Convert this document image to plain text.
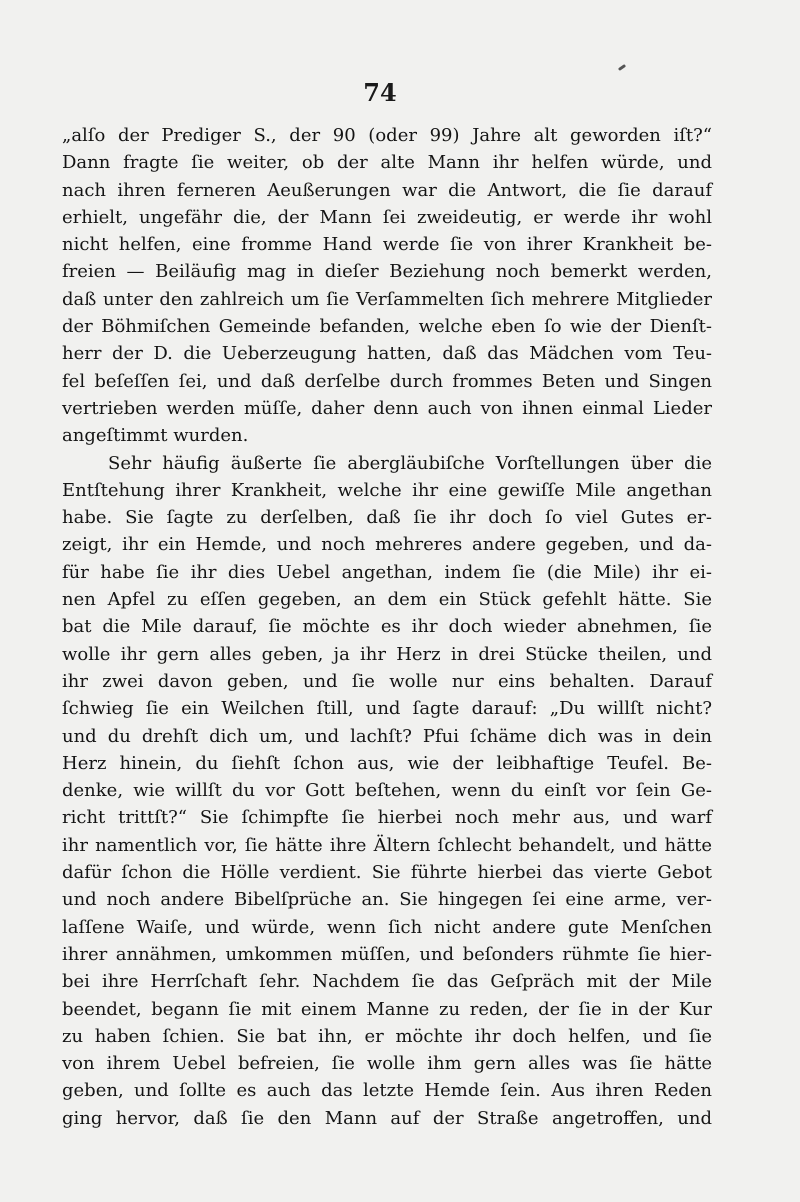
74
„alſo der Prediger S., der 90 (oder 99) Jahre alt geworden iſt?“
Dann fragte ſie weiter, ob der alte Mann ihr helfen würde, und
nach ihren ferneren Aeußerungen war die Antwort, die ſie darauf
erhielt, ungefähr die, der Mann ſei zweideutig, er werde ihr wohl
nicht helfen, eine fromme Hand werde ſie von ihrer Krankheit be-
freien — Beiläufig mag in dieſer Beziehung noch bemerkt werden,
daß unter den zahlreich um ſie Verſammelten ſich mehrere Mitglieder
der Böhmiſchen Gemeinde befanden, welche eben ſo wie der Dienſt-
herr der D. die Ueberzeugung hatten, daß das Mädchen vom Teu-
fel beſeſſen ſei, und daß derſelbe durch frommes Beten und Singen
vertrieben werden müſſe, daher denn auch von ihnen einmal Lieder
angeſtimmt wurden.
Sehr häufig äußerte ſie abergläubiſche Vorſtellungen über die
Entſtehung ihrer Krankheit, welche ihr eine gewiſſe Mile angethan
habe. Sie ſagte zu derſelben, daß ſie ihr doch ſo viel Gutes er-
zeigt, ihr ein Hemde, und noch mehreres andere gegeben, und da-
für habe ſie ihr dies Uebel angethan, indem ſie (die Mile) ihr ei-
nen Apfel zu eſſen gegeben, an dem ein Stück gefehlt hätte. Sie
bat die Mile darauf, ſie möchte es ihr doch wieder abnehmen, ſie
wolle ihr gern alles geben, ja ihr Herz in drei Stücke theilen, und
ihr zwei davon geben, und ſie wolle nur eins behalten. Darauf
ſchwieg ſie ein Weilchen ſtill, und ſagte darauf: „Du willſt nicht?
und du drehſt dich um, und lachſt? Pfui ſchäme dich was in dein
Herz hinein, du ſiehſt ſchon aus, wie der leibhaftige Teufel. Be-
denke, wie willſt du vor Gott beſtehen, wenn du einſt vor ſein Ge-
richt trittſt?“ Sie ſchimpfte ſie hierbei noch mehr aus, und warf
ihr namentlich vor, ſie hätte ihre Ältern ſchlecht behandelt, und hätte
dafür ſchon die Hölle verdient. Sie führte hierbei das vierte Gebot
und noch andere Bibelſprüche an. Sie hingegen ſei eine arme, ver-
laſſene Waiſe, und würde, wenn ſich nicht andere gute Menſchen
ihrer annähmen, umkommen müſſen, und beſonders rühmte ſie hier-
bei ihre Herrſchaft ſehr. Nachdem ſie das Geſpräch mit der Mile
beendet, begann ſie mit einem Manne zu reden, der ſie in der Kur
zu haben ſchien. Sie bat ihn, er möchte ihr doch helfen, und ſie
von ihrem Uebel befreien, ſie wolle ihm gern alles was ſie hätte
geben, und ſollte es auch das letzte Hemde ſein. Aus ihren Reden
ging hervor, daß ſie den Mann auf der Straße angetroffen, und
